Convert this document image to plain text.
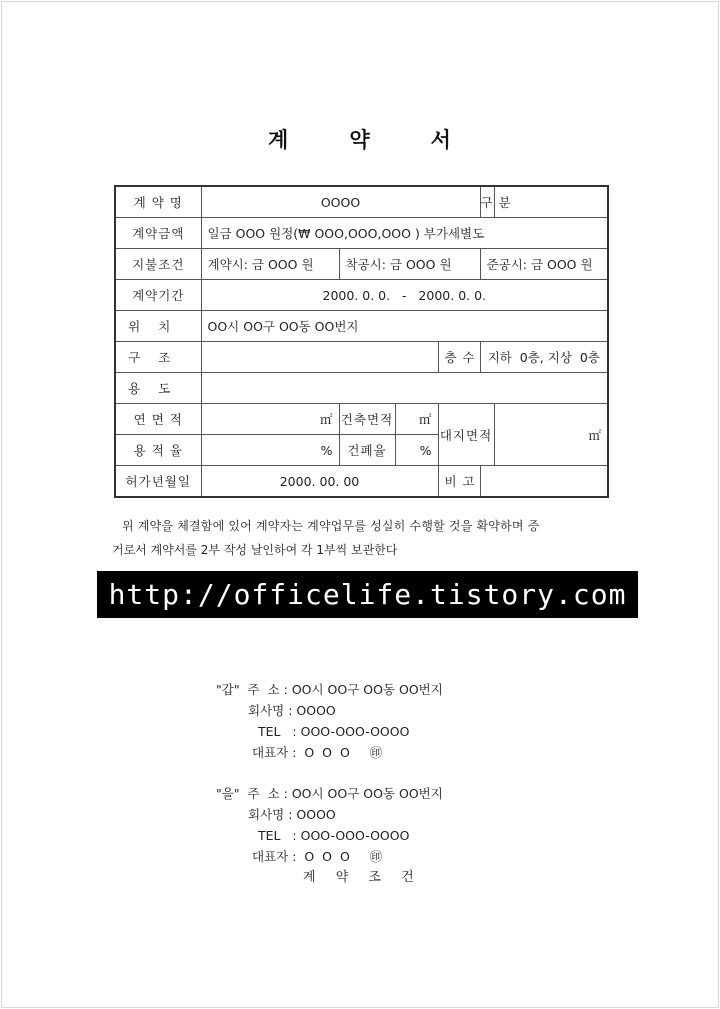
계	약	서
계 약 명	OOOO				구 분	
계약금액	일금 OOO 원정(₩ OOO,OOO,OOO ) 부가세별도					
지불조건	계약시: 금 OOO 원	착공시: 금 OOO 원			준공시: 금 OOO 원	
계약기간	2000. 0. 0.   -   2000. 0. 0.					
위치	OO시 OO구 OO동 OO번지					
구조				층 수	지하  0층, 지상  0층	
용도						
연 면 적	㎡	건축면적	㎡	대지면적		㎡
용 적 율	%	건폐율	%			
허가년월일	2000. 00. 00			비 고		
위 계약을 체결함에 있어 계약자는 계약업무를 성실히 수행할 것을 확약하며 증
거로서 계약서를 2부 작성 날인하여 각 1부씩 보관한다
http://officelife.tistory.com
"갑" 주  소 : OO시 OO구 OO동 OO번지
회사명 : OOOO
TEL   : OOO-OOO-OOOO
대표자 : O  O  O ㊞
"을" 주  소 : OO시 OO구 OO동 OO번지
회사명 : OOOO
TEL   : OOO-OOO-OOOO
대표자 : O  O  O ㊞
계 약 조 건
